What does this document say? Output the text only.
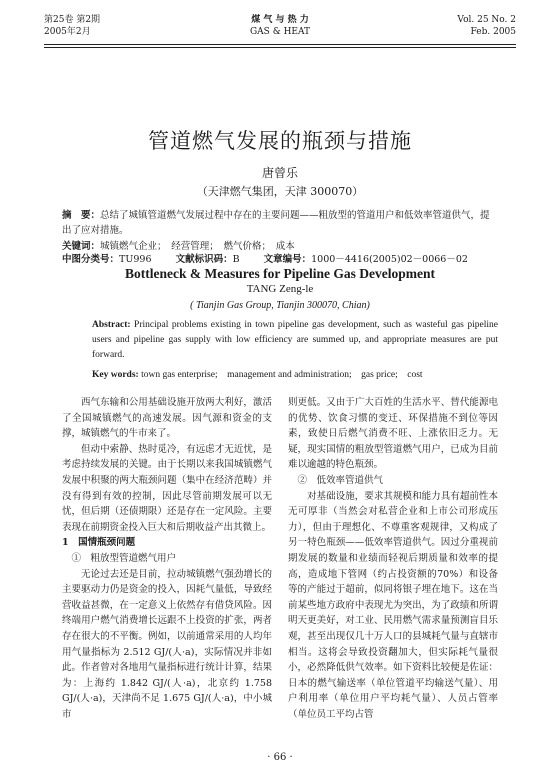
第25卷 第2期
2005年2月
煤 气 与 热 力
GAS & HEAT
Vol. 25 No. 2
Feb. 2005
管道燃气发展的瓶颈与措施
唐曾乐
（天津燃气集团，天津 300070）
摘　要：总结了城镇管道燃气发展过程中存在的主要问题——粗放型的管道用户和低效率管道供气，提出了应对措施。
关键词：城镇燃气企业；　经营管理；　燃气价格；　成本
中图分类号：TU996	文献标识码：B	文章编号：1000－4416(2005)02－0066－02
Bottleneck & Measures for Pipeline Gas Development
TANG Zeng-le
( Tianjin Gas Group, Tianjin 300070, Chian)
Abstract: Principal problems existing in town pipeline gas development, such as wasteful gas pipeline users and pipeline gas supply with low efficiency are summed up, and appropriate measures are put forward.
Key words: town gas enterprise;　management and administration;　gas price;　cost

西气东输和公用基础设施开放两大利好，激活了全国城镇燃气的高速发展。因气源和资金的支撑，城镇燃气的牛市来了。

但动中索静、热时觅冷，有远虑才无近忧，是考虑持续发展的关键。由于长期以来我国城镇燃气发展中积聚的两大瓶颈问题（集中在经济范畴）并没有得到有效的控制，因此尽管前期发展可以无忧，但后期（还债期限）还是存在一定风险。主要表现在前期资金投入巨大和后期收益产出其微上。

1　国情瓶颈问题

①　粗放型管道燃气用户

无论过去还是目前，拉动城镇燃气强劲增长的主要驱动力仍是资金的投入，因耗气量低，导致经营收益甚微，在一定意义上依然存有借贷风险。因终端用户燃气消费增长远跟不上投资的扩张，两者存在很大的不平衡。例如，以前通常采用的人均年用气量指标为 2.512 GJ/(人·a)，实际情况并非如此。作者曾对各地用气量指标进行统计计算，结果为：上海约 1.842 GJ/(人·a)，北京约 1.758 GJ/(人·a)，天津尚不足 1.675 GJ/(人·a)，中小城市

则更低。又由于广大百姓的生活水平、替代能源电的优势、饮食习惯的变迁、环保措施不到位等因素，致使日后燃气消费不旺、上涨依旧乏力。无疑，现实国情的粗放型管道燃气用户，已成为目前难以逾越的特色瓶颈。

②　低效率管道供气

对基础设施，要求其规模和能力具有超前性本无可厚非（当然会对私营企业和上市公司形成压力），但由于理想化、不尊重客观规律，又构成了另一特色瓶颈——低效率管道供气。因过分重视前期发展的数量和业绩而轻视后期质量和效率的提高，造成地下管网（约占投资额的70%）和设备等的产能过于超前，似同将银子埋在地下。这在当前某些地方政府中表现尤为突出，为了政绩和所谓明天更美好，对工业、民用燃气需求量预测盲目乐观，甚至出现仅几十万人口的县城耗气量与直辖市相当。这将会导致投资翻加大，但实际耗气量很小，必然降低供气效率。如下资料比较便是佐证：日本的燃气输送率（单位管道平均输送气量）、用户利用率（单位用户平均耗气量）、人员占管率（单位员工平均占管

· 66 ·
